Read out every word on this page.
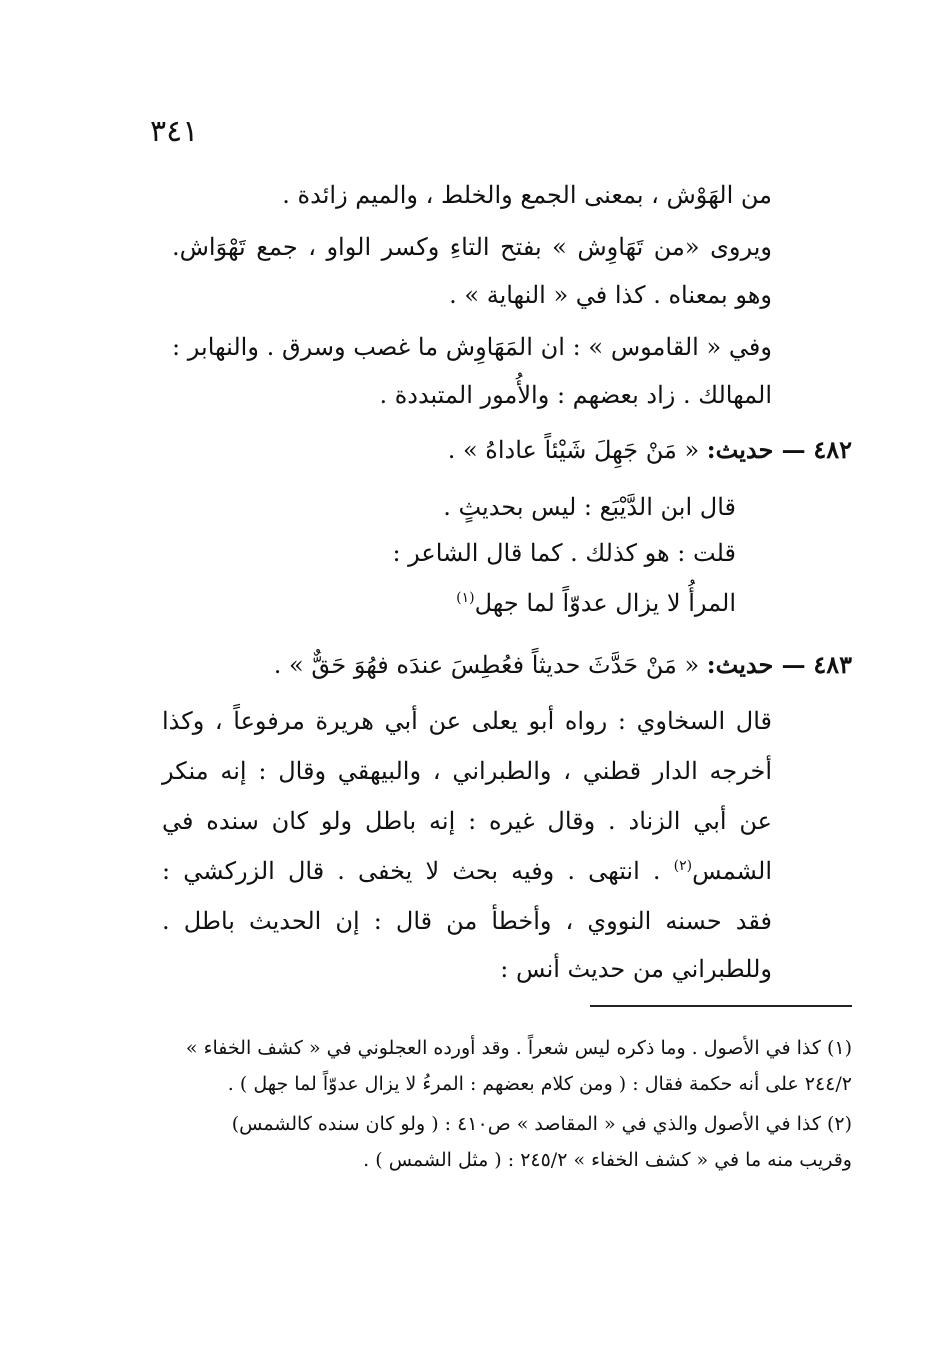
٣٤١
من الهَوْش ، بمعنى الجمع والخلط ، والميم زائدة .
ويروى «من تَهَاوِش » بفتح التاءِ وكسر الواو ، جمع تَهْوَاش.
وهو بمعناه . كذا في « النهاية » .
وفي « القاموس » : ان المَهَاوِش ما غصب وسرق . والنهابر :
المهالك . زاد بعضهم : والأُمور المتبددة .
٤٨٢ — حديث: « مَنْ جَهِلَ شَيْئاً عاداهُ » .
قال ابن الدَّيْبَع : ليس بحديثٍ .
قلت : هو كذلك . كما قال الشاعر :
المرأُ لا يزال عدوّاً لما جهل$^{(١)}$
٤٨٣ — حديث: « مَنْ حَدَّثَ حديثاً فعُطِسَ عندَه فهُوَ حَقٌّ » .
قال السخاوي : رواه أبو يعلى عن أبي هريرة مرفوعاً ، وكذا
أخرجه الدار قطني ، والطبراني ، والبيهقي وقال : إنه منكر
عن أبي الزناد . وقال غيره : إنه باطل ولو كان سنده في
الشمس$^{(٢)}$ . انتهى . وفيه بحث لا يخفى . قال الزركشي :
فقد حسنه النووي ، وأخطأ من قال : إن الحديث باطل .
وللطبراني من حديث أنس :
(١) كذا في الأصول . وما ذكره ليس شعراً . وقد أورده العجلوني في « كشف الخفاء »
٢٤٤/٢ على أنه حكمة فقال : ( ومن كلام بعضهم : المرءُ لا يزال عدوّاً لما جهل ) .
(٢) كذا في الأصول والذي في « المقاصد » ص٤١٠ : ( ولو كان سنده كالشمس)
وقريب منه ما في « كشف الخفاء » ٢٤٥/٢ : ( مثل الشمس ) .
